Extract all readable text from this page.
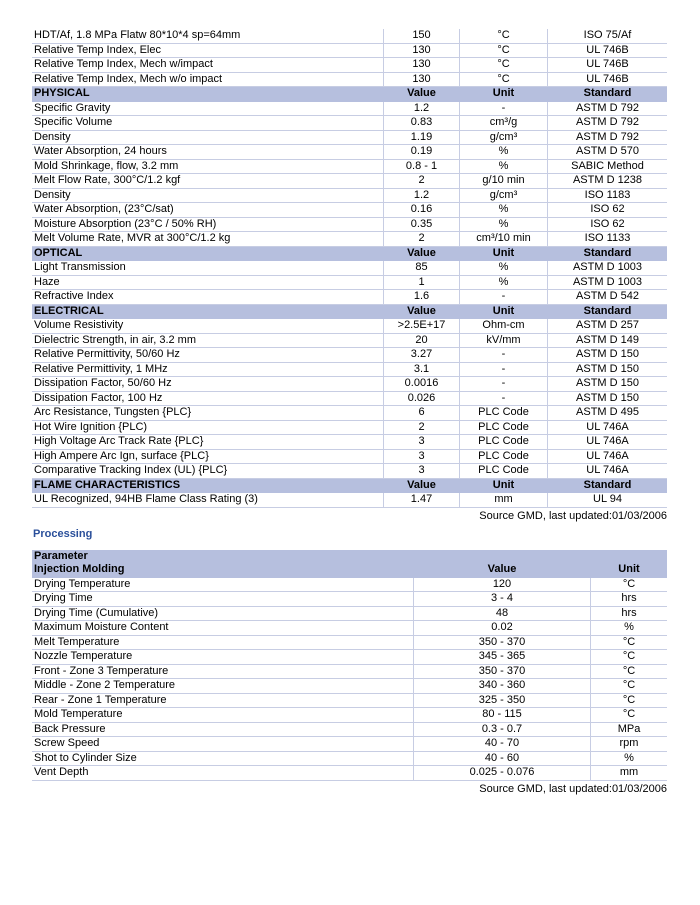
HDT/Af, 1.8 MPa Flatw 80*10*4 sp=64mm	150	°C	ISO 75/Af
Relative Temp Index, Elec	130	°C	UL 746B
Relative Temp Index, Mech w/impact	130	°C	UL 746B
Relative Temp Index, Mech w/o impact	130	°C	UL 746B
PHYSICAL	Value	Unit	Standard
Specific Gravity	1.2	-	ASTM D 792
Specific Volume	0.83	cm³/g	ASTM D 792
Density	1.19	g/cm³	ASTM D 792
Water Absorption, 24 hours	0.19	%	ASTM D 570
Mold Shrinkage, flow, 3.2 mm	0.8 - 1	%	SABIC Method
Melt Flow Rate, 300°C/1.2 kgf	2	g/10 min	ASTM D 1238
Density	1.2	g/cm³	ISO 1183
Water Absorption, (23°C/sat)	0.16	%	ISO 62
Moisture Absorption (23°C / 50% RH)	0.35	%	ISO 62
Melt Volume Rate, MVR at 300°C/1.2 kg	2	cm³/10 min	ISO 1133
OPTICAL	Value	Unit	Standard
Light Transmission	85	%	ASTM D 1003
Haze	1	%	ASTM D 1003
Refractive Index	1.6	-	ASTM D 542
ELECTRICAL	Value	Unit	Standard
Volume Resistivity	>2.5E+17	Ohm-cm	ASTM D 257
Dielectric Strength, in air, 3.2 mm	20	kV/mm	ASTM D 149
Relative Permittivity, 50/60 Hz	3.27	-	ASTM D 150
Relative Permittivity, 1 MHz	3.1	-	ASTM D 150
Dissipation Factor, 50/60 Hz	0.0016	-	ASTM D 150
Dissipation Factor, 100 Hz	0.026	-	ASTM D 150
Arc Resistance, Tungsten {PLC}	6	PLC Code	ASTM D 495
Hot Wire Ignition {PLC)	2	PLC Code	UL 746A
High Voltage Arc Track Rate {PLC}	3	PLC Code	UL 746A
High Ampere Arc Ign, surface {PLC}	3	PLC Code	UL 746A
Comparative Tracking Index (UL) {PLC}	3	PLC Code	UL 746A
FLAME CHARACTERISTICS	Value	Unit	Standard
UL Recognized, 94HB Flame Class Rating (3)	1.47	mm	UL 94
Source GMD, last updated:01/03/2006
Processing
Parameter		
Injection Molding	Value	Unit
Drying Temperature	120	°C
Drying Time	3 - 4	hrs
Drying Time (Cumulative)	48	hrs
Maximum Moisture Content	0.02	%
Melt Temperature	350 - 370	°C
Nozzle Temperature	345 - 365	°C
Front - Zone 3 Temperature	350 - 370	°C
Middle - Zone 2 Temperature	340 - 360	°C
Rear - Zone 1 Temperature	325 - 350	°C
Mold Temperature	80 - 115	°C
Back Pressure	0.3 - 0.7	MPa
Screw Speed	40 - 70	rpm
Shot to Cylinder Size	40 - 60	%
Vent Depth	0.025 - 0.076	mm
Source GMD, last updated:01/03/2006
